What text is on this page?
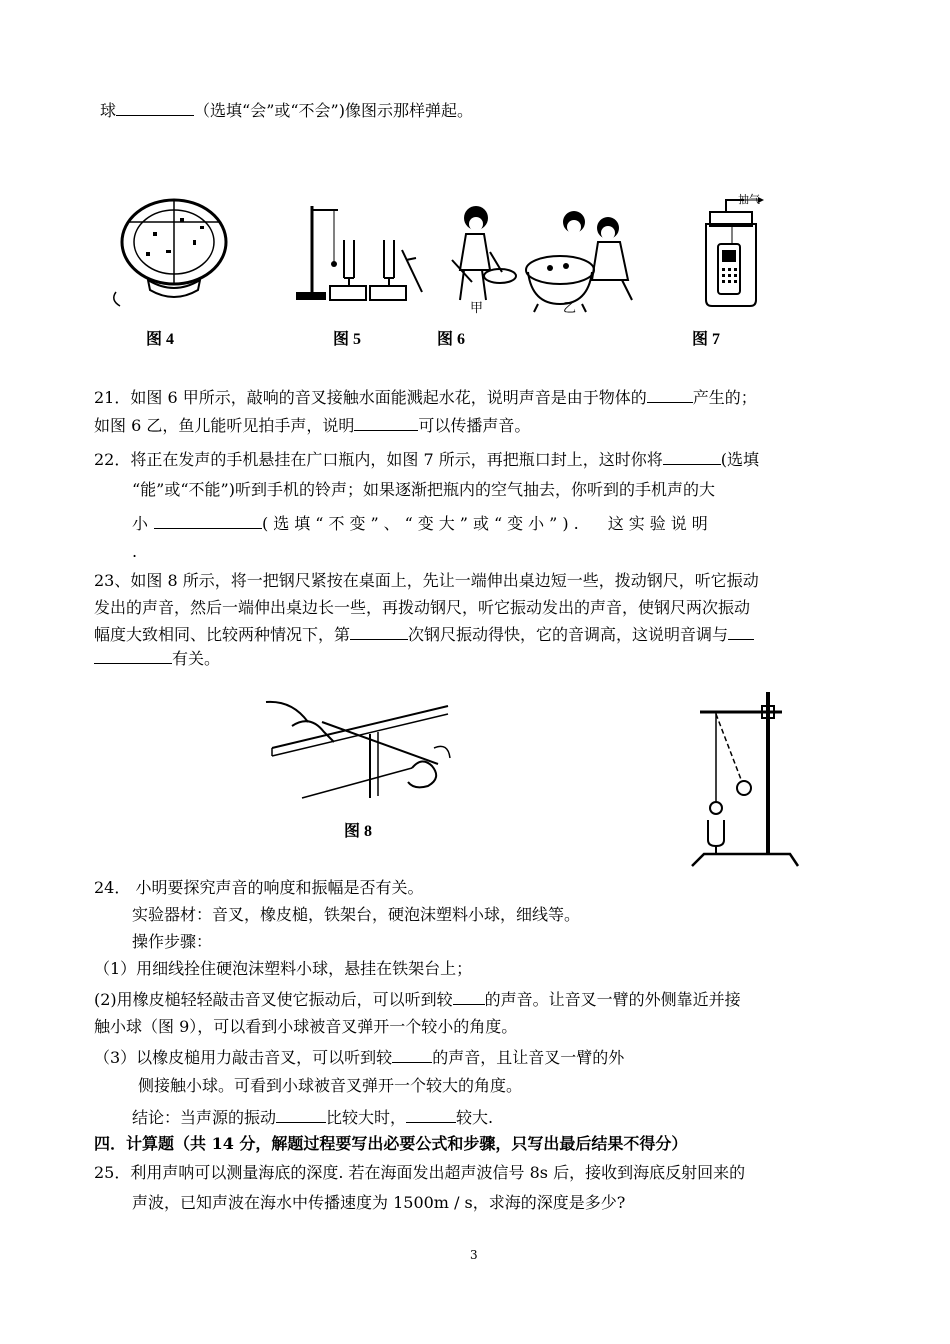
球	（选填“会”或“不会”)像图示那样弹起。
图 4	图 5
甲	乙
图 6
抽气
图 7
21．如图 6 甲所示，敲响的音叉接触水面能溅起水花，说明声音是由于物体的	产生的；
如图 6 乙，鱼儿能听见拍手声，说明	可以传播声音。
22．将正在发声的手机悬挂在广口瓶内，如图 7 所示，再把瓶口封上，这时你将	(选填
“能”或“不能”)听到手机的铃声；如果逐渐把瓶内的空气抽去，你听到的手机声的大
小	(选填“不变”、“变大”或“变小”). 这实验说明
.
23、如图 8 所示，将一把钢尺紧按在桌面上，先让一端伸出桌边短一些，拨动钢尺，听它振动
发出的声音，然后一端伸出桌边长一些，再拨动钢尺，听它振动发出的声音，使钢尺两次振动
幅度大致相同、比较两种情况下，第	次钢尺振动得快，它的音调高，这说明音调与
有关。
图 8
24． 小明要探究声音的响度和振幅是否有关。
实验器材：音叉，橡皮槌，铁架台，硬泡沫塑料小球，细线等。
操作步骤：
（1）用细线拴住硬泡沫塑料小球，悬挂在铁架台上；
(2)用橡皮槌轻轻敲击音叉使它振动后，可以听到较 的声音。让音叉一臂的外侧靠近并接
触小球（图 9），可以看到小球被音叉弹开一个较小的角度。
（3）以橡皮槌用力敲击音叉，可以听到较	的声音，且让音叉一臂的外
侧接触小球。可看到小球被音叉弹开一个较大的角度。
结论：当声源的振动	比较大时，	较大.
四．计算题（共 14 分，解题过程要写出必要公式和步骤，只写出最后结果不得分）
25．利用声呐可以测量海底的深度. 若在海面发出超声波信号 8s 后，接收到海底反射回来的
声波，已知声波在海水中传播速度为 1500m / s，求海的深度是多少?
3
